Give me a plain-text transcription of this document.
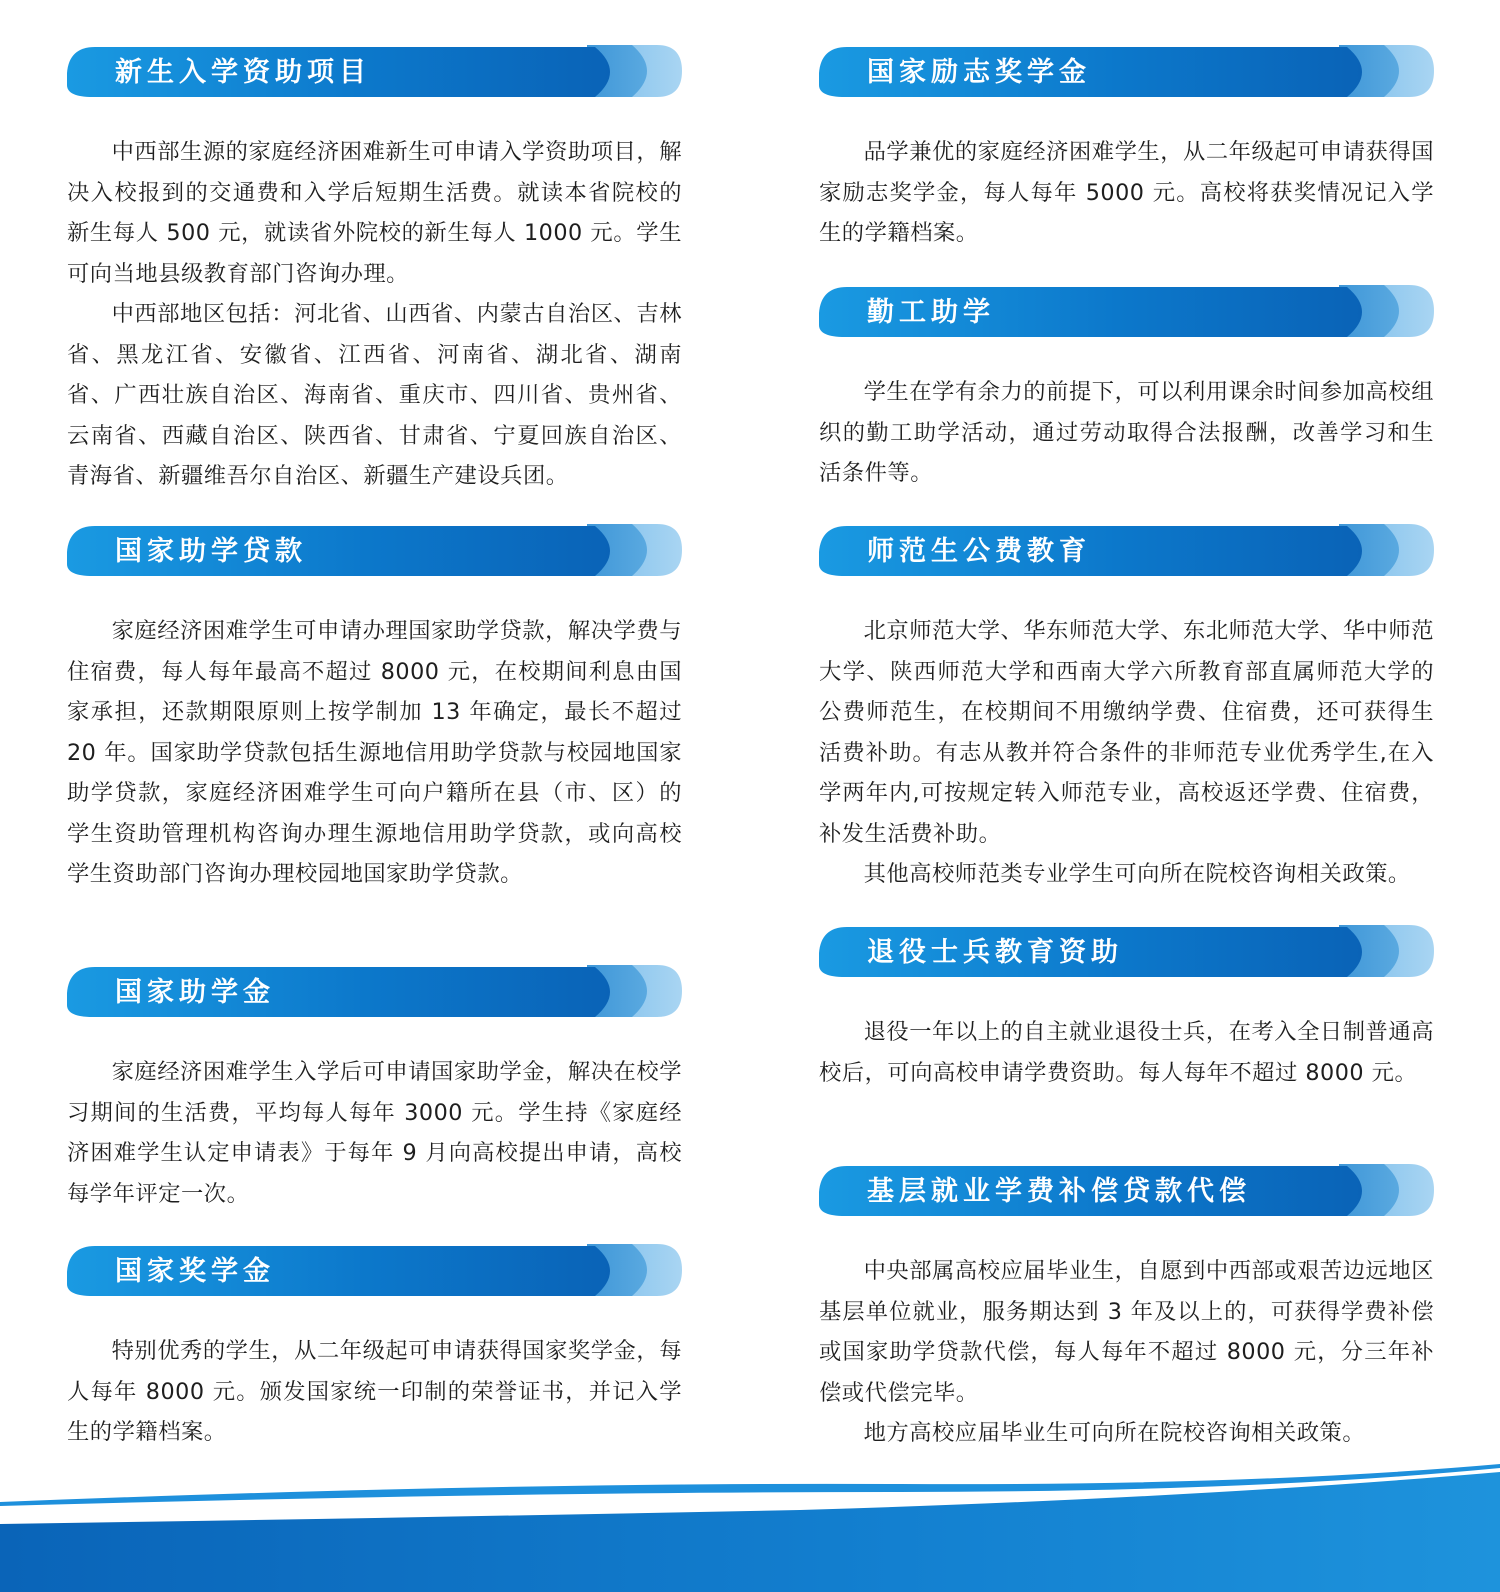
新生入学资助项目

中西部生源的家庭经济困难新生可申请入学资助项目，解决入校报到的交通费和入学后短期生活费。就读本省院校的新生每人 500 元，就读省外院校的新生每人 1000 元。学生可向当地县级教育部门咨询办理。

中西部地区包括：河北省、山西省、内蒙古自治区、吉林省、黑龙江省、安徽省、江西省、河南省、湖北省、湖南省、广西壮族自治区、海南省、重庆市、四川省、贵州省、云南省、西藏自治区、陕西省、甘肃省、宁夏回族自治区、青海省、新疆维吾尔自治区、新疆生产建设兵团。

国家助学贷款

家庭经济困难学生可申请办理国家助学贷款，解决学费与住宿费，每人每年最高不超过 8000 元，在校期间利息由国家承担，还款期限原则上按学制加 13 年确定，最长不超过 20 年。国家助学贷款包括生源地信用助学贷款与校园地国家助学贷款，家庭经济困难学生可向户籍所在县（市、区）的学生资助管理机构咨询办理生源地信用助学贷款，或向高校学生资助部门咨询办理校园地国家助学贷款。

国家助学金

家庭经济困难学生入学后可申请国家助学金，解决在校学习期间的生活费，平均每人每年 3000 元。学生持《家庭经济困难学生认定申请表》于每年 9 月向高校提出申请，高校每学年评定一次。

国家奖学金

特别优秀的学生，从二年级起可申请获得国家奖学金，每人每年 8000 元。颁发国家统一印制的荣誉证书，并记入学生的学籍档案。

国家励志奖学金

品学兼优的家庭经济困难学生，从二年级起可申请获得国家励志奖学金，每人每年 5000 元。高校将获奖情况记入学生的学籍档案。

勤工助学

学生在学有余力的前提下，可以利用课余时间参加高校组织的勤工助学活动，通过劳动取得合法报酬，改善学习和生活条件等。

师范生公费教育

北京师范大学、华东师范大学、东北师范大学、华中师范大学、陕西师范大学和西南大学六所教育部直属师范大学的公费师范生，在校期间不用缴纳学费、住宿费，还可获得生活费补助。有志从教并符合条件的非师范专业优秀学生,在入学两年内,可按规定转入师范专业，高校返还学费、住宿费，补发生活费补助。

其他高校师范类专业学生可向所在院校咨询相关政策。

退役士兵教育资助

退役一年以上的自主就业退役士兵，在考入全日制普通高校后，可向高校申请学费资助。每人每年不超过 8000 元。

基层就业学费补偿贷款代偿

中央部属高校应届毕业生，自愿到中西部或艰苦边远地区基层单位就业，服务期达到 3 年及以上的，可获得学费补偿或国家助学贷款代偿，每人每年不超过 8000 元，分三年补偿或代偿完毕。

地方高校应届毕业生可向所在院校咨询相关政策。
